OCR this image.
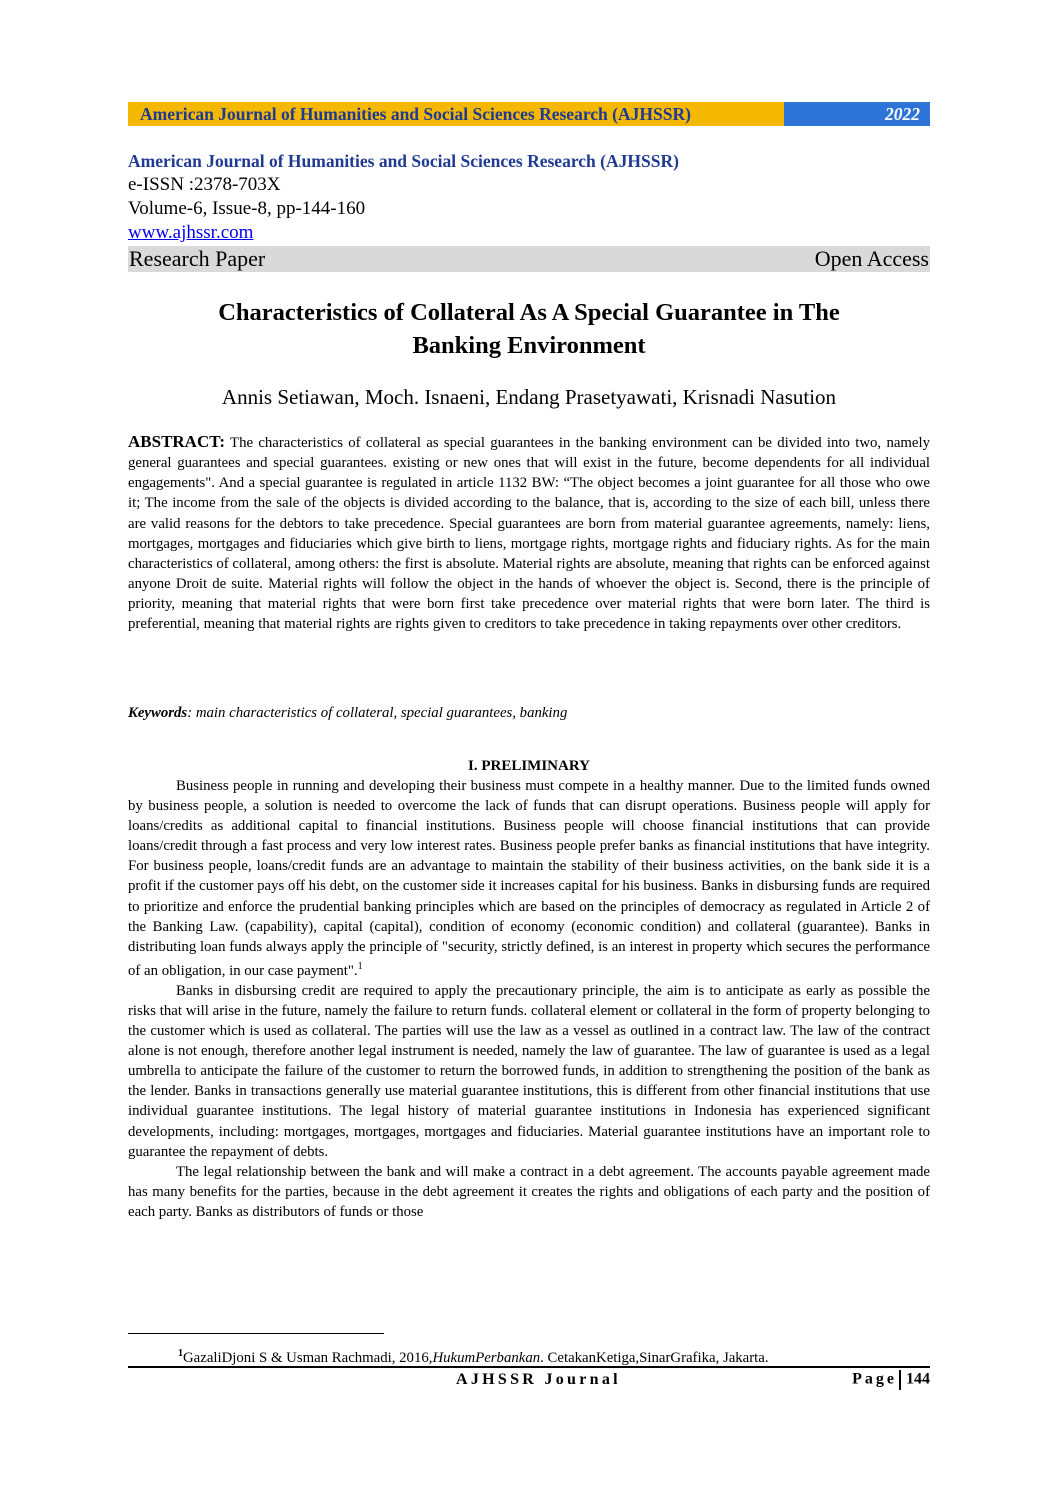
American Journal of Humanities and Social Sciences Research (AJHSSR)	2022
American Journal of Humanities and Social Sciences Research (AJHSSR)
e-ISSN :2378-703X
Volume-6, Issue-8, pp-144-160
www.ajhssr.com
Research Paper	Open Access
Characteristics of Collateral As A Special Guarantee in The
Banking Environment
Annis Setiawan, Moch. Isnaeni, Endang Prasetyawati, Krisnadi Nasution
ABSTRACT: The characteristics of collateral as special guarantees in the banking environment can be divided into two, namely general guarantees and special guarantees. existing or new ones that will exist in the future, become dependents for all individual engagements". And a special guarantee is regulated in article 1132 BW: “The object becomes a joint guarantee for all those who owe it; The income from the sale of the objects is divided according to the balance, that is, according to the size of each bill, unless there are valid reasons for the debtors to take precedence. Special guarantees are born from material guarantee agreements, namely: liens, mortgages, mortgages and fiduciaries which give birth to liens, mortgage rights, mortgage rights and fiduciary rights. As for the main characteristics of collateral, among others: the first is absolute. Material rights are absolute, meaning that rights can be enforced against anyone Droit de suite. Material rights will follow the object in the hands of whoever the object is. Second, there is the principle of priority, meaning that material rights that were born first take precedence over material rights that were born later. The third is preferential, meaning that material rights are rights given to creditors to take precedence in taking repayments over other creditors.
Keywords: main characteristics of collateral, special guarantees, banking
I. PRELIMINARY

Business people in running and developing their business must compete in a healthy manner. Due to the limited funds owned by business people, a solution is needed to overcome the lack of funds that can disrupt operations. Business people will apply for loans/credits as additional capital to financial institutions. Business people will choose financial institutions that can provide loans/credit through a fast process and very low interest rates. Business people prefer banks as financial institutions that have integrity. For business people, loans/credit funds are an advantage to maintain the stability of their business activities, on the bank side it is a profit if the customer pays off his debt, on the customer side it increases capital for his business. Banks in disbursing funds are required to prioritize and enforce the prudential banking principles which are based on the principles of democracy as regulated in Article 2 of the Banking Law. (capability), capital (capital), condition of economy (economic condition) and collateral (guarantee). Banks in distributing loan funds always apply the principle of "security, strictly defined, is an interest in property which secures the performance of an obligation, in our case payment".$^1$

Banks in disbursing credit are required to apply the precautionary principle, the aim is to anticipate as early as possible the risks that will arise in the future, namely the failure to return funds. collateral element or collateral in the form of property belonging to the customer which is used as collateral. The parties will use the law as a vessel as outlined in a contract law. The law of the contract alone is not enough, therefore another legal instrument is needed, namely the law of guarantee. The law of guarantee is used as a legal umbrella to anticipate the failure of the customer to return the borrowed funds, in addition to strengthening the position of the bank as the lender. Banks in transactions generally use material guarantee institutions, this is different from other financial institutions that use individual guarantee institutions. The legal history of material guarantee institutions in Indonesia has experienced significant developments, including: mortgages, mortgages, mortgages and fiduciaries. Material guarantee institutions have an important role to guarantee the repayment of debts.

The legal relationship between the bank and will make a contract in a debt agreement. The accounts payable agreement made has many benefits for the parties, because in the debt agreement it creates the rights and obligations of each party and the position of each party. Banks as distributors of funds or those

$^1$GazaliDjoni S & Usman Rachmadi, 2016,HukumPerbankan. CetakanKetiga,SinarGrafika, Jakarta.
AJHSSR Journal	Page 144
